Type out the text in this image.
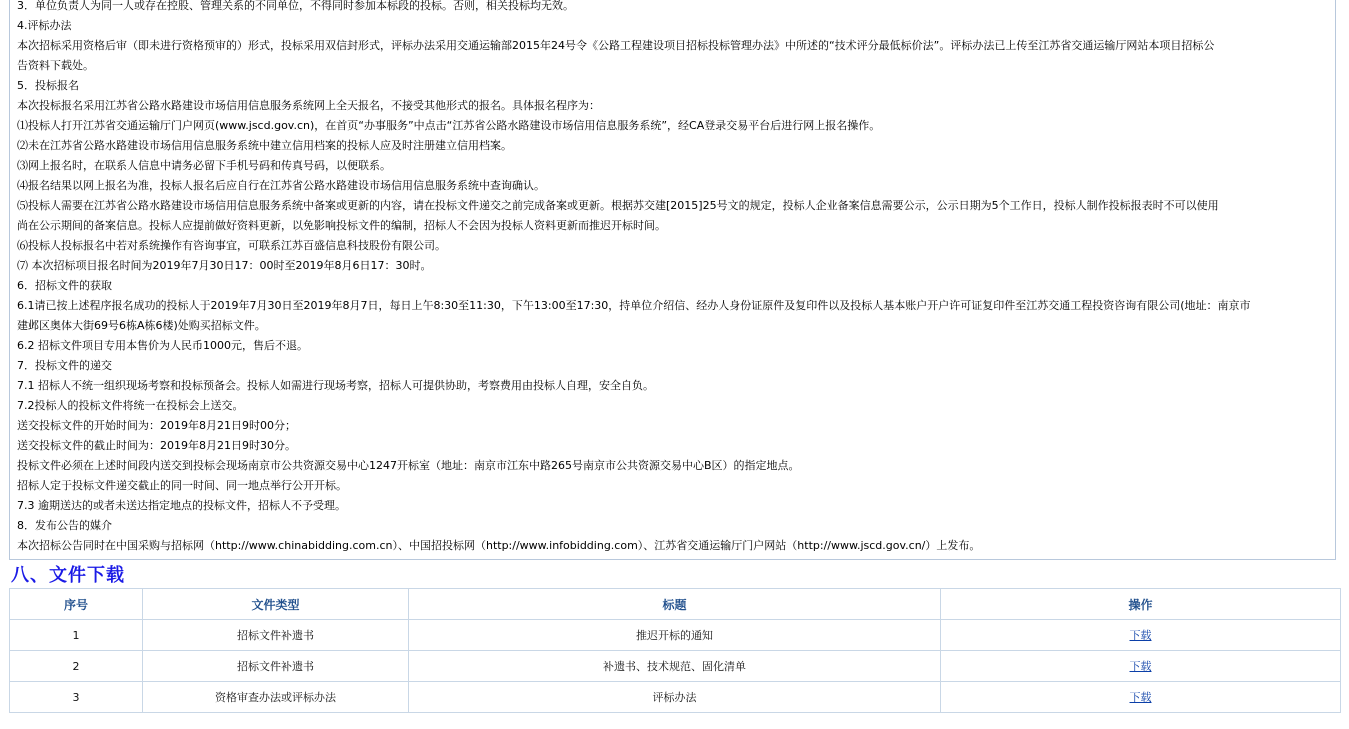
3．单位负责人为同一人或存在控股、管理关系的不同单位，不得同时参加本标段的投标。否则，相关投标均无效。
4.评标办法
本次招标采用资格后审（即未进行资格预审的）形式，投标采用双信封形式，评标办法采用交通运输部2015年24号令《公路工程建设项目招标投标管理办法》中所述的“技术评分最低标价法”。评标办法已上传至江苏省交通运输厅网站本项目招标公
告资料下载处。
5．投标报名
本次投标报名采用江苏省公路水路建设市场信用信息服务系统网上全天报名，不接受其他形式的报名。具体报名程序为：
⑴投标人打开江苏省交通运输厅门户网页(www.jscd.gov.cn)，在首页“办事服务”中点击“江苏省公路水路建设市场信用信息服务系统”，经CA登录交易平台后进行网上报名操作。
⑵未在江苏省公路水路建设市场信用信息服务系统中建立信用档案的投标人应及时注册建立信用档案。
⑶网上报名时，在联系人信息中请务必留下手机号码和传真号码，以便联系。
⑷报名结果以网上报名为准，投标人报名后应自行在江苏省公路水路建设市场信用信息服务系统中查询确认。
⑸投标人需要在江苏省公路水路建设市场信用信息服务系统中备案或更新的内容，请在投标文件递交之前完成备案或更新。根据苏交建[2015]25号文的规定，投标人企业备案信息需要公示，公示日期为5个工作日，投标人制作投标报表时不可以使用
尚在公示期间的备案信息。投标人应提前做好资料更新，以免影响投标文件的编制，招标人不会因为投标人资料更新而推迟开标时间。
⑹投标人投标报名中若对系统操作有咨询事宜，可联系江苏百盛信息科技股份有限公司。
⑺ 本次招标项目报名时间为2019年7月30日17：00时至2019年8月6日17：30时。
6．招标文件的获取
6.1请已按上述程序报名成功的投标人于2019年7月30日至2019年8月7日，每日上午8:30至11:30，下午13:00至17:30，持单位介绍信、经办人身份证原件及复印件以及投标人基本账户开户许可证复印件至江苏交通工程投资咨询有限公司(地址：南京市
建邺区奥体大街69号6栋A栋6楼)处购买招标文件。
6.2 招标文件项目专用本售价为人民币1000元，售后不退。
7．投标文件的递交
7.1 招标人不统一组织现场考察和投标预备会。投标人如需进行现场考察，招标人可提供协助，考察费用由投标人自理，安全自负。
7.2投标人的投标文件将统一在投标会上送交。
送交投标文件的开始时间为：2019年8月21日9时00分；
送交投标文件的截止时间为：2019年8月21日9时30分。
投标文件必须在上述时间段内送交到投标会现场南京市公共资源交易中心1247开标室（地址：南京市江东中路265号南京市公共资源交易中心B区）的指定地点。
招标人定于投标文件递交截止的同一时间、同一地点举行公开开标。
7.3 逾期送达的或者未送达指定地点的投标文件，招标人不予受理。
8．发布公告的媒介
本次招标公告同时在中国采购与招标网（http://www.chinabidding.com.cn）、中国招投标网（http://www.infobidding.com）、江苏省交通运输厅门户网站（http://www.jscd.gov.cn/）上发布。
八、文件下载
序号	文件类型	标题	操作
1	招标文件补遗书	推迟开标的通知	下载
2	招标文件补遗书	补遗书、技术规范、固化清单	下载
3	资格审查办法或评标办法	评标办法	下载
